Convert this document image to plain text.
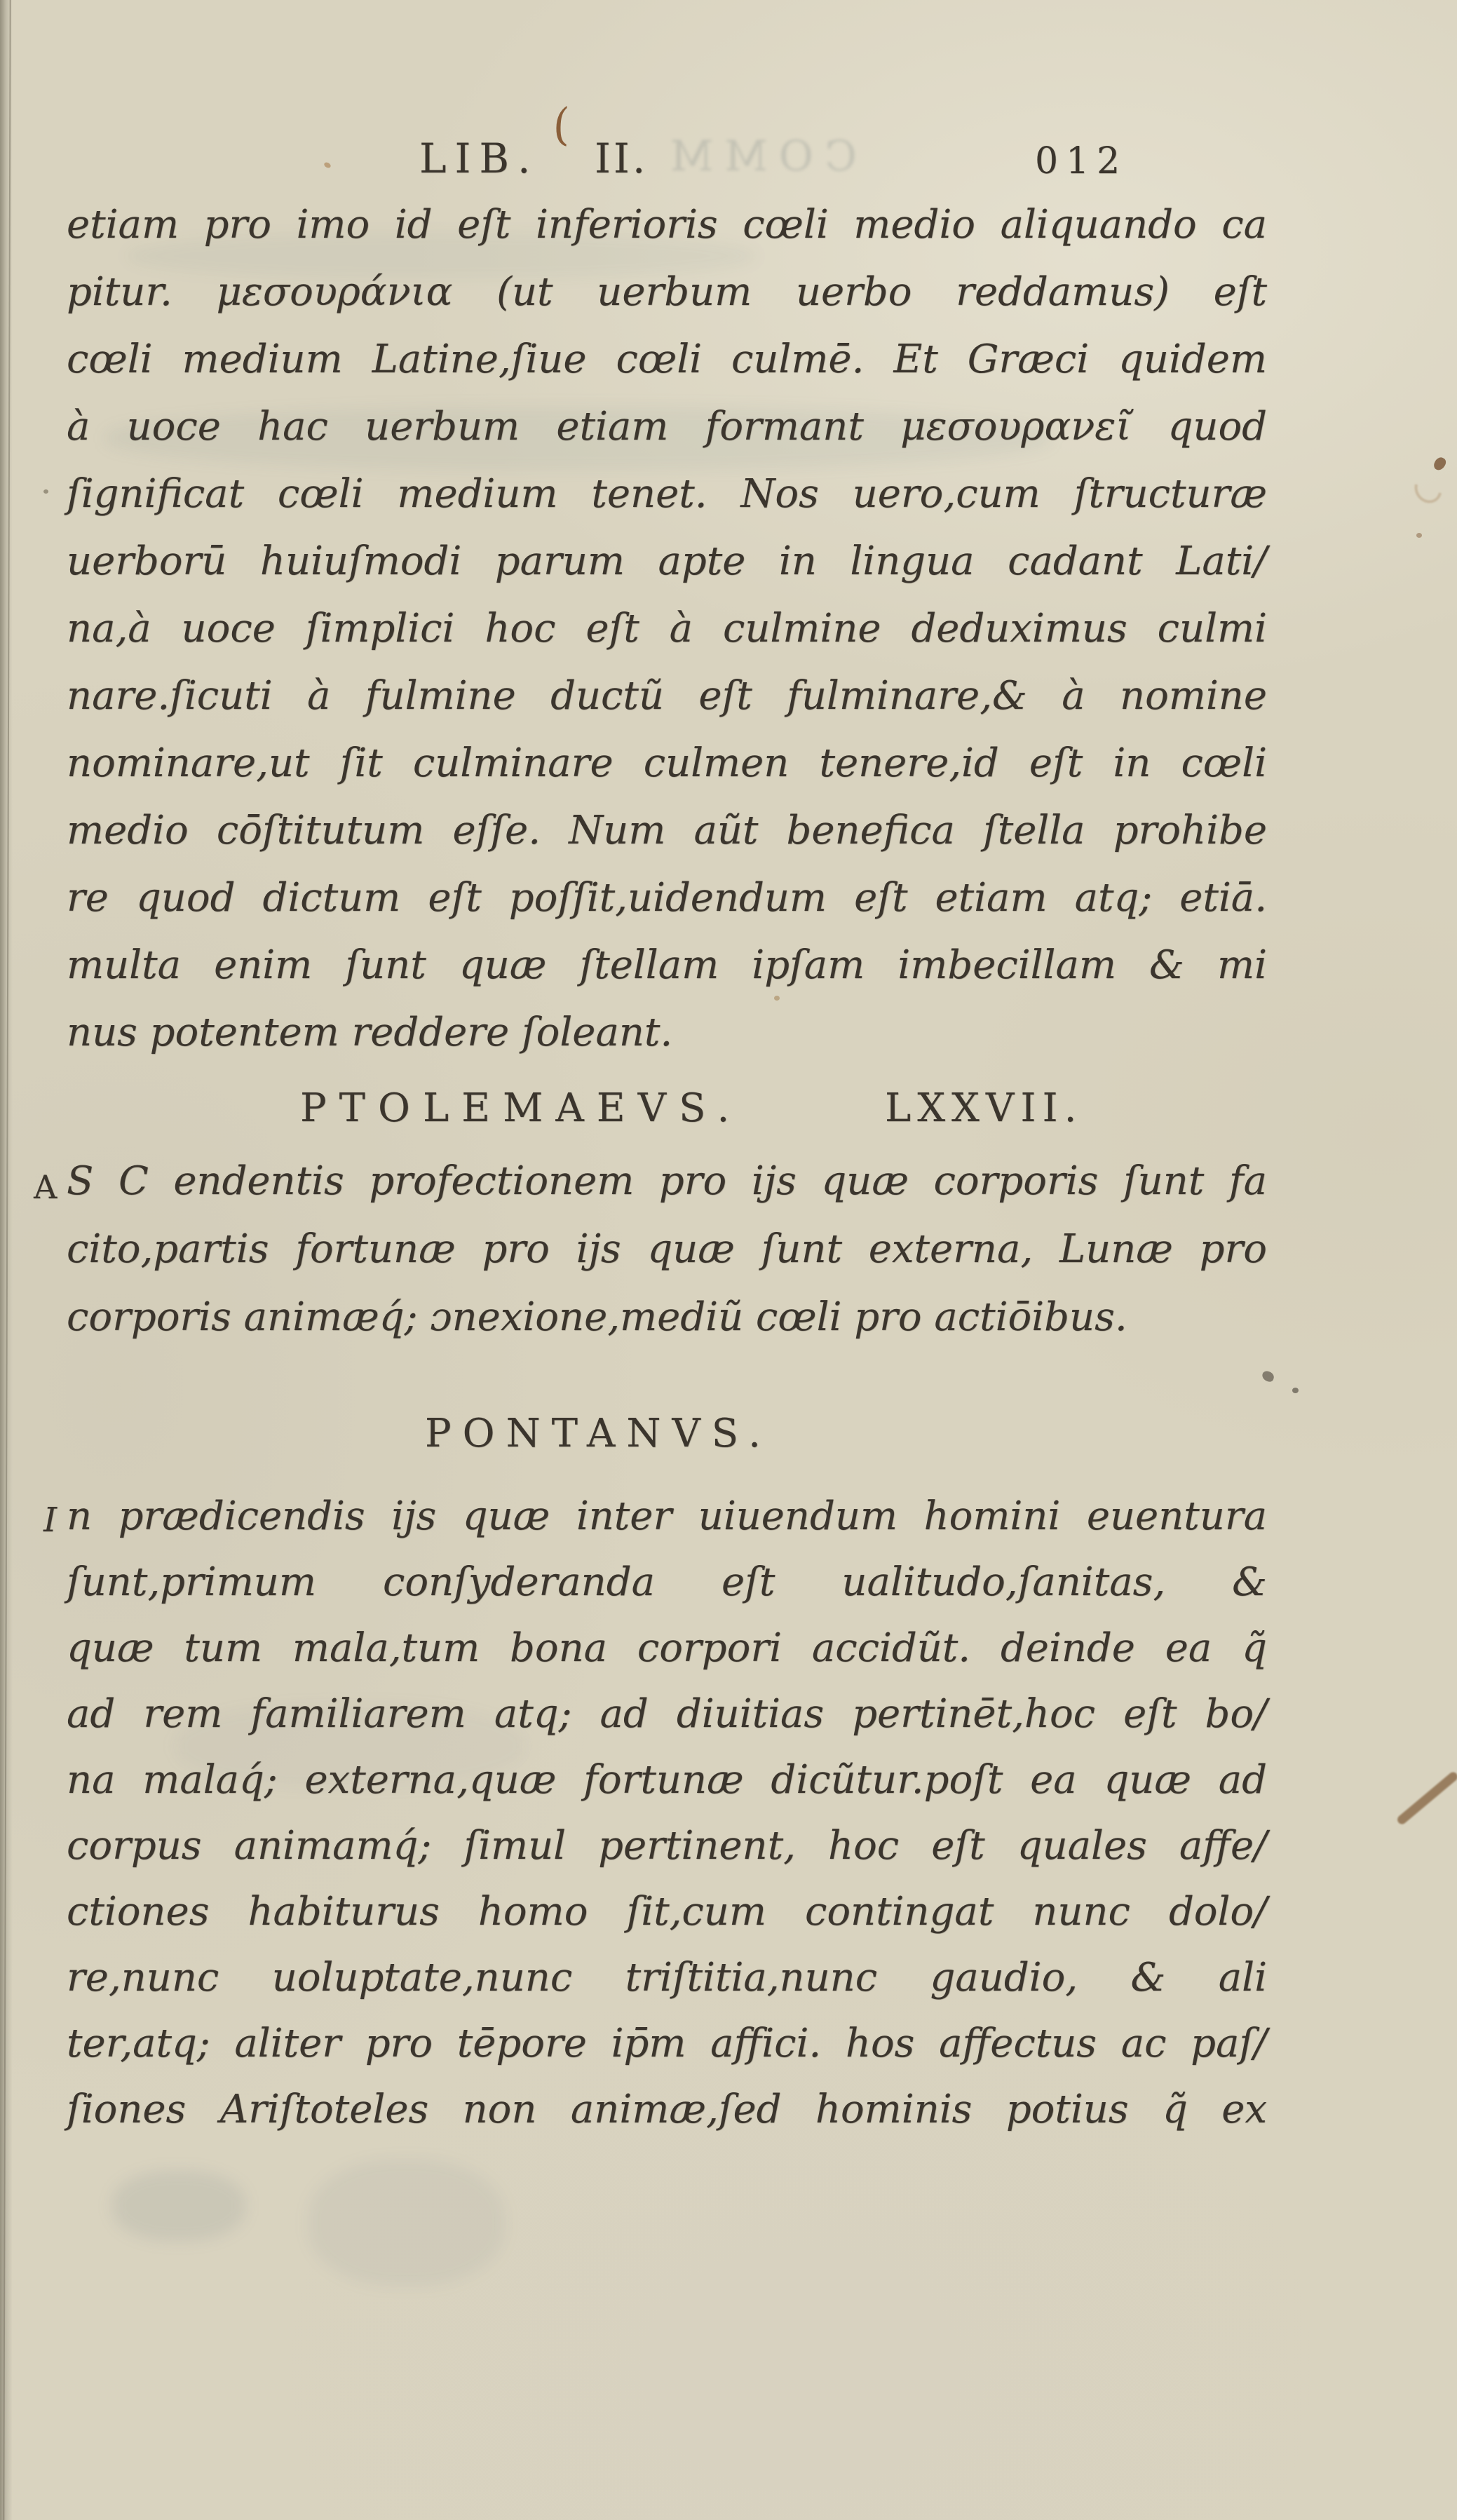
COMM
(
LIB. II.	012
etiam pro imo id eſt inferioris cœli medio aliquando ca
pitur. μεσουράνια (ut uerbum uerbo reddamus) eſt
cœli medium Latine,ſiue cœli culmē. Et Græci quidem
à uoce hac uerbum etiam formant μεσουρανεῖ quod
ſignificat cœli medium tenet. Nos uero,cum ſtructuræ
uerborū huiuſmodi parum apte in lingua cadant Lati/
na,à uoce ſimplici hoc eſt à culmine deduximus culmi
nare.ſicuti à fulmine ductũ eſt fulminare,& à nomine
nominare,ut ſit culminare culmen tenere,id eſt in cœli
medio cōſtitutum eſſe. Num aũt benefica ſtella prohibe
re quod dictum eſt poſſit,uidendum eſt etiam atq; etiā.
multa enim ſunt quæ ſtellam ipſam imbecillam & mi
nus potentem reddere ſoleant.
PTOLEMAEVS.	LXXVII.
A S C endentis profectionem pro ijs quæ corporis ſunt fa
cito,partis fortunæ pro ijs quæ ſunt externa, Lunæ pro
corporis animæq́; ɔnexione,mediũ cœli pro actiōibus.
PONTANVS.
I n prædicendis ijs quæ inter uiuendum homini euentura
ſunt,primum conſyderanda eſt ualitudo,ſanitas, &
quæ tum mala,tum bona corpori accidũt. deinde ea q̃
ad rem familiarem atq; ad diuitias pertinēt,hoc eſt bo/
na malaq́; externa,quæ fortunæ dicũtur.poſt ea quæ ad
corpus animamq́; ſimul pertinent, hoc eſt quales affe/
ctiones habiturus homo ſit,cum contingat nunc dolo/
re,nunc uoluptate,nunc triſtitia,nunc gaudio, & ali
ter,atq; aliter pro tēpore ip̄m affici. hos affectus ac paſ/
ſiones Ariſtoteles non animæ,ſed hominis potius q̃ ex
